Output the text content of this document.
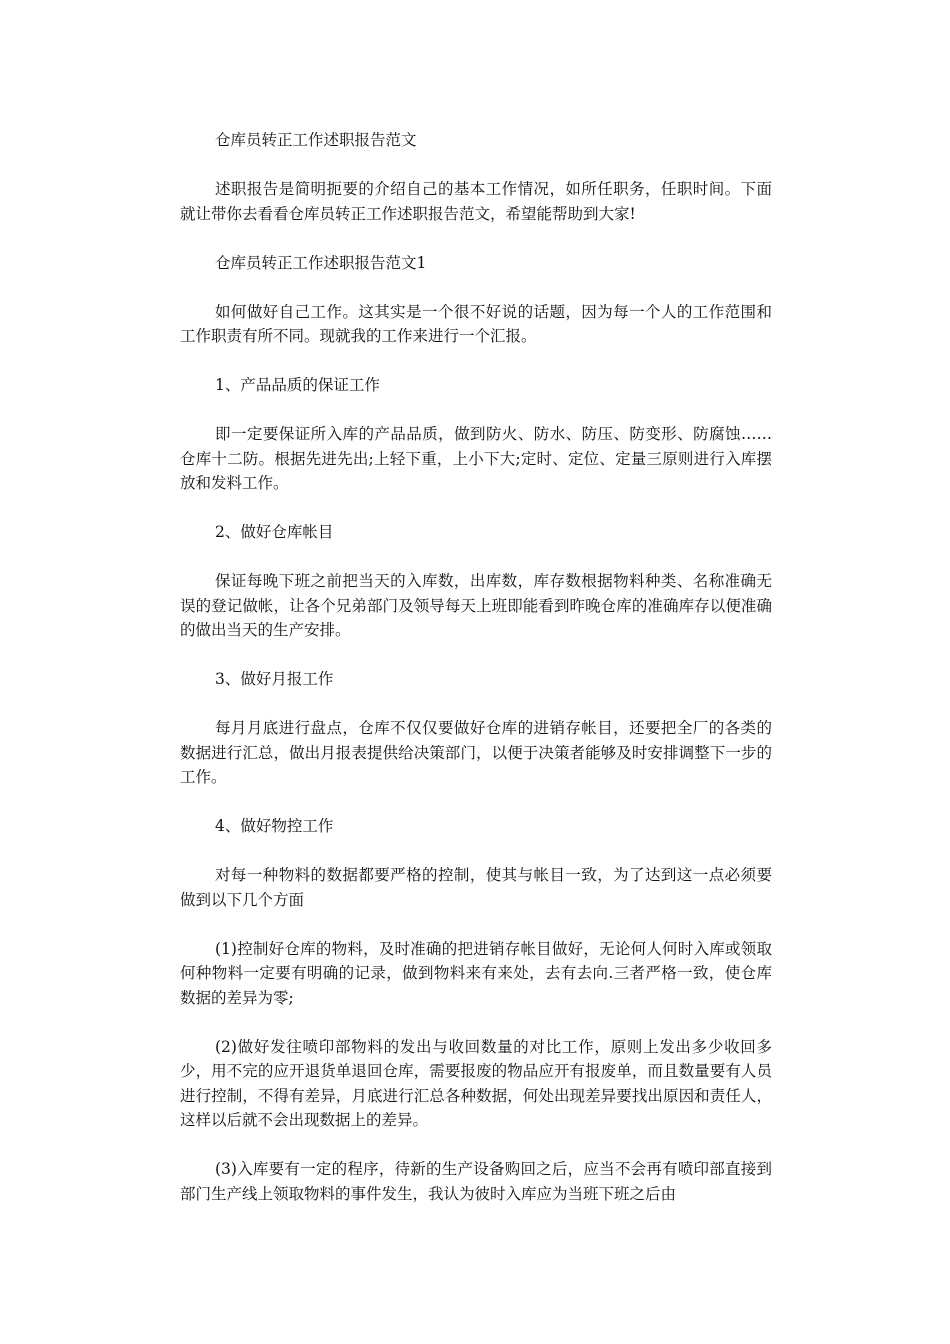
仓库员转正工作述职报告范文

述职报告是简明扼要的介绍自己的基本工作情况，如所任职务，任职时间。下面就让带你去看看仓库员转正工作述职报告范文，希望能帮助到大家!

仓库员转正工作述职报告范文1

如何做好自己工作。这其实是一个很不好说的话题，因为每一个人的工作范围和工作职责有所不同。现就我的工作来进行一个汇报。

1、产品品质的保证工作

即一定要保证所入库的产品品质，做到防火、防水、防压、防变形、防腐蚀……仓库十二防。根据先进先出;上轻下重，上小下大;定时、定位、定量三原则进行入库摆放和发料工作。

2、做好仓库帐目

保证每晚下班之前把当天的入库数，出库数，库存数根据物料种类、名称准确无误的登记做帐，让各个兄弟部门及领导每天上班即能看到昨晚仓库的准确库存以便准确的做出当天的生产安排。

3、做好月报工作

每月月底进行盘点，仓库不仅仅要做好仓库的进销存帐目，还要把全厂的各类的数据进行汇总，做出月报表提供给决策部门，以便于决策者能够及时安排调整下一步的工作。

4、做好物控工作

对每一种物料的数据都要严格的控制，使其与帐目一致，为了达到这一点必须要做到以下几个方面

(1)控制好仓库的物料，及时准确的把进销存帐目做好，无论何人何时入库或领取何种物料一定要有明确的记录，做到物料来有来处，去有去向.三者严格一致，使仓库数据的差异为零;

(2)做好发往喷印部物料的发出与收回数量的对比工作，原则上发出多少收回多少，用不完的应开退货单退回仓库，需要报废的物品应开有报废单，而且数量要有人员进行控制，不得有差异，月底进行汇总各种数据，何处出现差异要找出原因和责任人，这样以后就不会出现数据上的差异。

(3)入库要有一定的程序，待新的生产设备购回之后，应当不会再有喷印部直接到部门生产线上领取物料的事件发生，我认为彼时入库应为当班下班之后由
